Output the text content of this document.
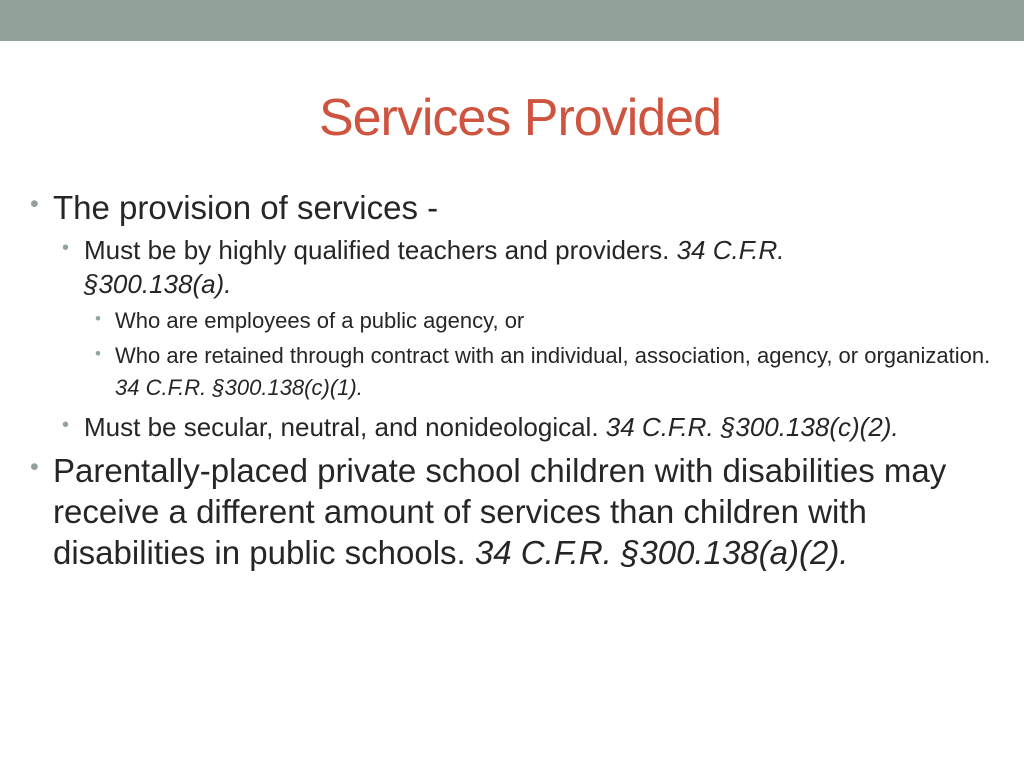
Services Provided

• The provision of services -

• Must be by highly qualified teachers and providers. 34 C.F.R. §300.138(a).

• Who are employees of a public agency, or

• Who are retained through contract with an individual, association, agency, or organization. 34 C.F.R. §300.138(c)(1).

• Must be secular, neutral, and nonideological. 34 C.F.R. §300.138(c)(2).

• Parentally-placed private school children with disabilities may receive a different amount of services than children with disabilities in public schools. 34 C.F.R. §300.138(a)(2).
